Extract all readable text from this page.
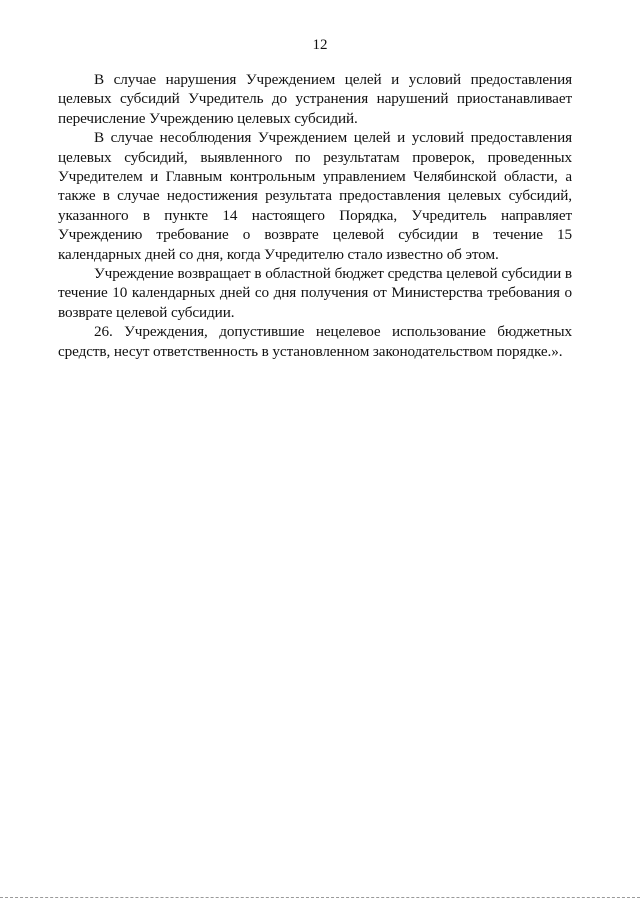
12

В случае нарушения Учреждением целей и условий предоставления целевых субсидий Учредитель до устранения нарушений приостанавливает перечисление Учреждению целевых субсидий.

В случае несоблюдения Учреждением целей и условий предоставления целевых субсидий, выявленного по результатам проверок, проведенных Учредителем и Главным контрольным управлением Челябинской области, а также в случае недостижения результата предоставления целевых субсидий, указанного в пункте 14 настоящего Порядка, Учредитель направляет Учреждению требование о возврате целевой субсидии в течение 15 календарных дней со дня, когда Учредителю стало известно об этом.

Учреждение возвращает в областной бюджет средства целевой субсидии в течение 10 календарных дней со дня получения от Министерства требования о возврате целевой субсидии.

26. Учреждения, допустившие нецелевое использование бюджетных средств, несут ответственность в установленном законодательством порядке.».
